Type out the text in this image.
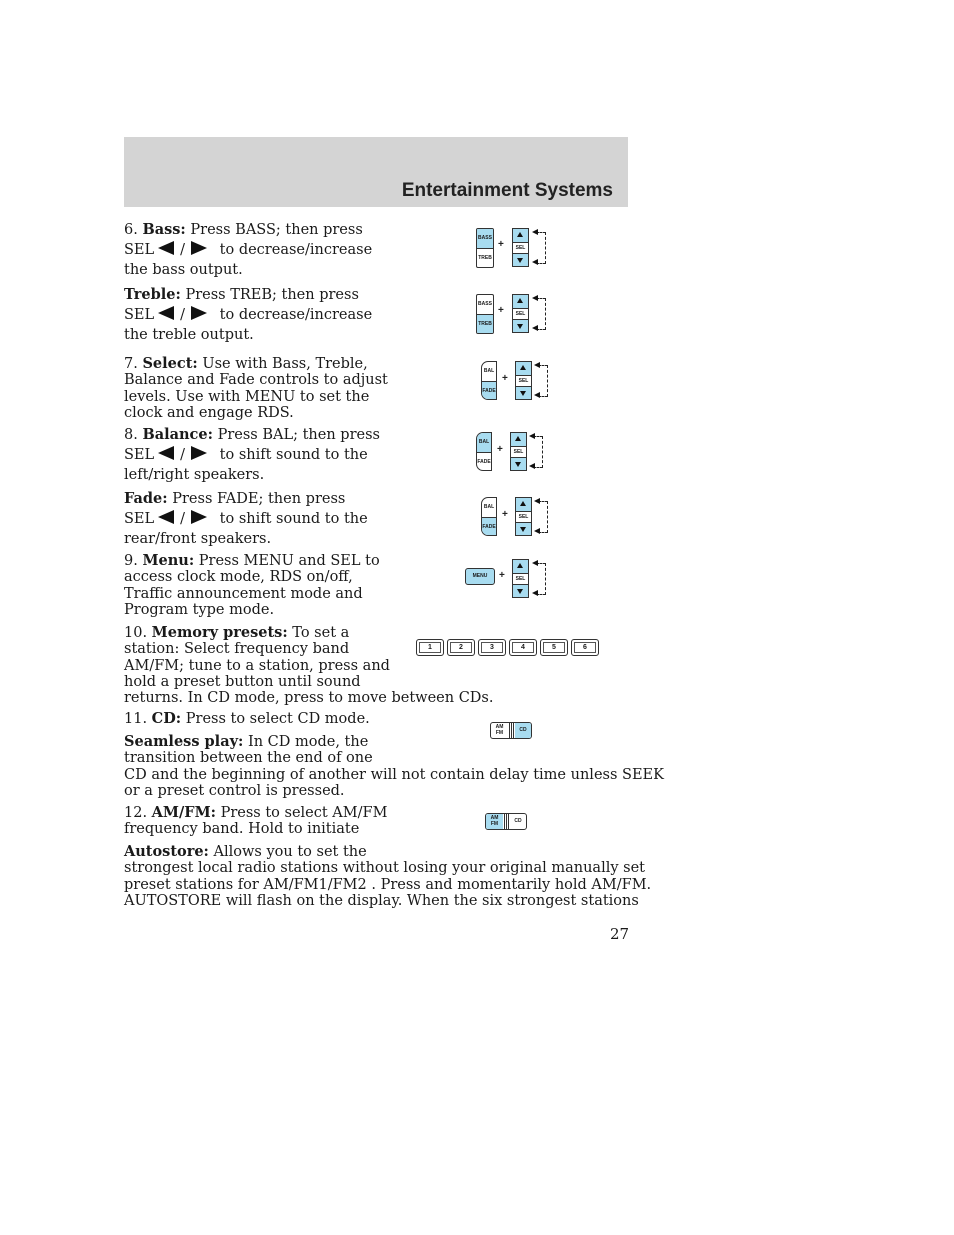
Entertainment Systems
6. Bass: Press BASS; then press
SEL / to decrease/increase
the bass output.
BASS
TREB
+	SEL
Treble: Press TREB; then press
SEL / to decrease/increase
the treble output.
BASS
TREB
+	SEL
7. Select: Use with Bass, Treble,
Balance and Fade controls to adjust
levels. Use with MENU to set the
clock and engage RDS.
BAL
FADE
+	SEL
8. Balance: Press BAL; then press
SEL / to shift sound to the
left/right speakers.
BAL
FADE
+	SEL
Fade: Press FADE; then press
SEL / to shift sound to the
rear/front speakers.
BAL
FADE
+	SEL
9. Menu: Press MENU and SEL to
access clock mode, RDS on/off,
Traffic announcement mode and
Program type mode.
MENU	+	SEL
10. Memory presets: To set a
station: Select frequency band
AM/FM; tune to a station, press and
hold a preset button until sound
returns. In CD mode, press to move between CDs.
1	2	3	4	5	6
11. CD: Press to select CD mode.	AM
FM	CD
Seamless play: In CD mode, the
transition between the end of one
CD and the beginning of another will not contain delay time unless SEEK
or a preset control is pressed.
12. AM/FM: Press to select AM/FM
frequency band. Hold to initiate
AM
FM	CD
Autostore: Allows you to set the
strongest local radio stations without losing your original manually set
preset stations for AM/FM1/FM2 . Press and momentarily hold AM/FM.
AUTOSTORE will flash on the display. When the six strongest stations
27
